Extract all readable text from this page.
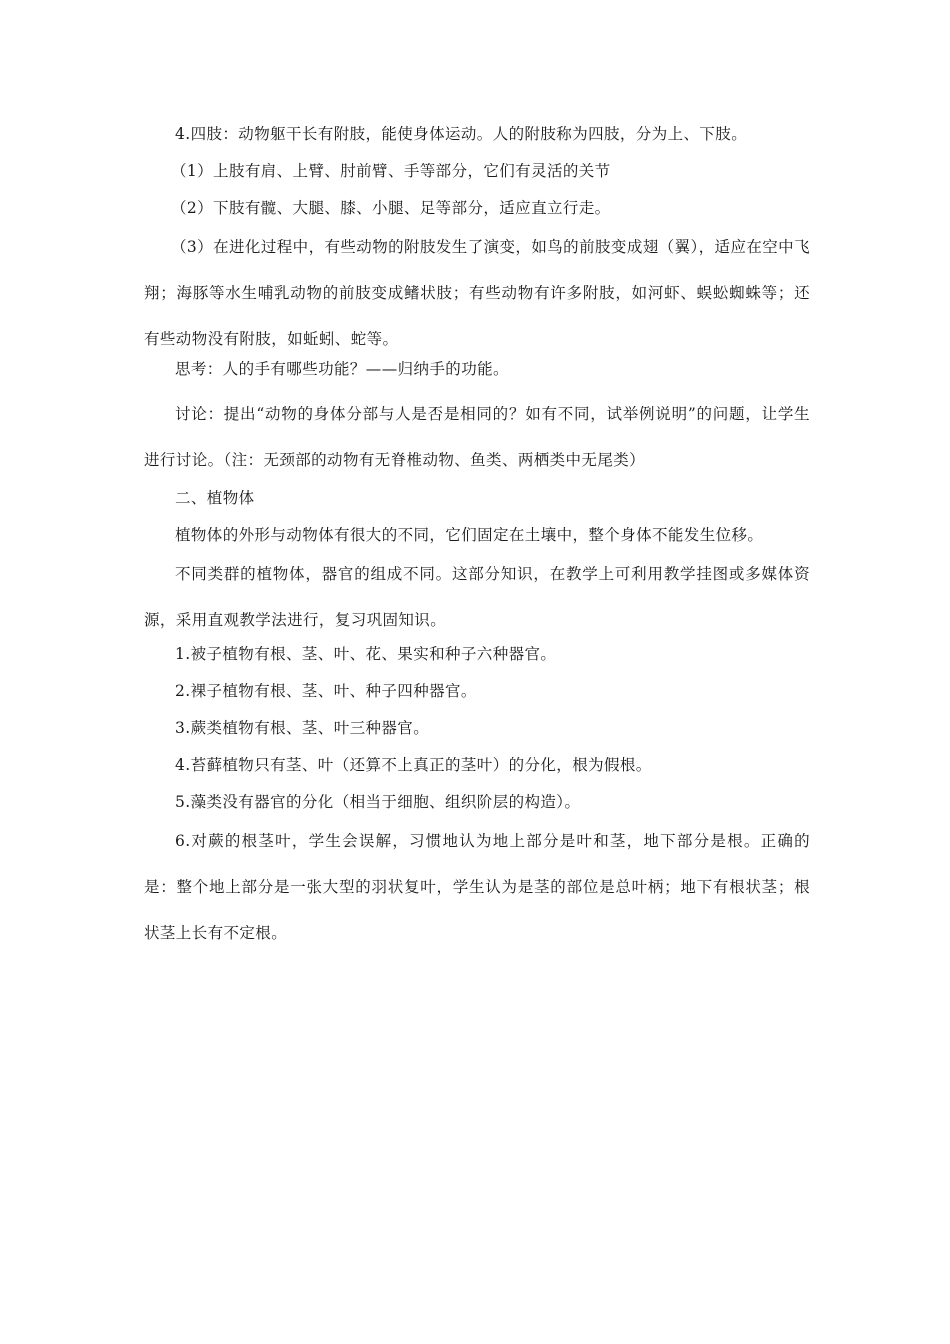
4.四肢：动物躯干长有附肢，能使身体运动。人的附肢称为四肢，分为上、下肢。
（1）上肢有肩、上臂、肘前臂、手等部分，它们有灵活的关节
（2）下肢有髋、大腿、膝、小腿、足等部分，适应直立行走。
（3）在进化过程中，有些动物的附肢发生了演变，如鸟的前肢变成翅（翼），适应在空中飞翔；海豚等水生哺乳动物的前肢变成鳍状肢；有些动物有许多附肢，如河虾、蜈蚣蜘蛛等；还有些动物没有附肢，如蚯蚓、蛇等。
思考：人的手有哪些功能？——归纳手的功能。
讨论：提出“动物的身体分部与人是否是相同的？如有不同，试举例说明”的问题，让学生进行讨论。（注：无颈部的动物有无脊椎动物、鱼类、两栖类中无尾类）
二、植物体
植物体的外形与动物体有很大的不同，它们固定在土壤中，整个身体不能发生位移。
不同类群的植物体，器官的组成不同。这部分知识，在教学上可利用教学挂图或多媒体资源，采用直观教学法进行，复习巩固知识。
1.被子植物有根、茎、叶、花、果实和种子六种器官。
2.裸子植物有根、茎、叶、种子四种器官。
3.蕨类植物有根、茎、叶三种器官。
4.苔藓植物只有茎、叶（还算不上真正的茎叶）的分化，根为假根。
5.藻类没有器官的分化（相当于细胞、组织阶层的构造）。
6.对蕨的根茎叶，学生会误解，习惯地认为地上部分是叶和茎，地下部分是根。正确的是：整个地上部分是一张大型的羽状复叶，学生认为是茎的部位是总叶柄；地下有根状茎；根状茎上长有不定根。
